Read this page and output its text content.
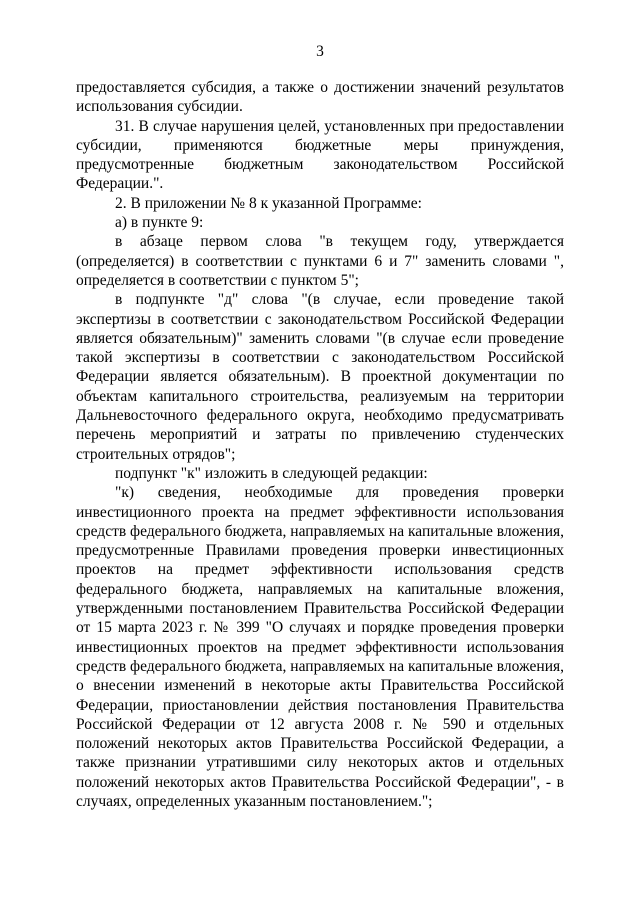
3

предоставляется субсидия, а также о достижении значений результатов использования субсидии.

31. В случае нарушения целей, установленных при предоставлении субсидии, применяются бюджетные меры принуждения, предусмотренные бюджетным законодательством Российской Федерации.".

2. В приложении № 8 к указанной Программе:

а) в пункте 9:

в абзаце первом слова "в текущем году, утверждается (определяется) в соответствии с пунктами 6 и 7" заменить словами ", определяется в соответствии с пунктом 5";

в подпункте "д" слова "(в случае, если проведение такой экспертизы в соответствии с законодательством Российской Федерации является обязательным)" заменить словами "(в случае если проведение такой экспертизы в соответствии с законодательством Российской Федерации является обязательным). В проектной документации по объектам капитального строительства, реализуемым на территории Дальневосточного федерального округа, необходимо предусматривать перечень мероприятий и затраты по привлечению студенческих строительных отрядов";

подпункт "к" изложить в следующей редакции:

"к) сведения, необходимые для проведения проверки инвестиционного проекта на предмет эффективности использования средств федерального бюджета, направляемых на капитальные вложения, предусмотренные Правилами проведения проверки инвестиционных проектов на предмет эффективности использования средств федерального бюджета, направляемых на капитальные вложения, утвержденными постановлением Правительства Российской Федерации от 15 марта 2023 г. № 399 "О случаях и порядке проведения проверки инвестиционных проектов на предмет эффективности использования средств федерального бюджета, направляемых на капитальные вложения, о внесении изменений в некоторые акты Правительства Российской Федерации, приостановлении действия постановления Правительства Российской Федерации от 12 августа 2008 г. № 590 и отдельных положений некоторых актов Правительства Российской Федерации, а также признании утратившими силу некоторых актов и отдельных положений некоторых актов Правительства Российской Федерации", - в случаях, определенных указанным постановлением.";
